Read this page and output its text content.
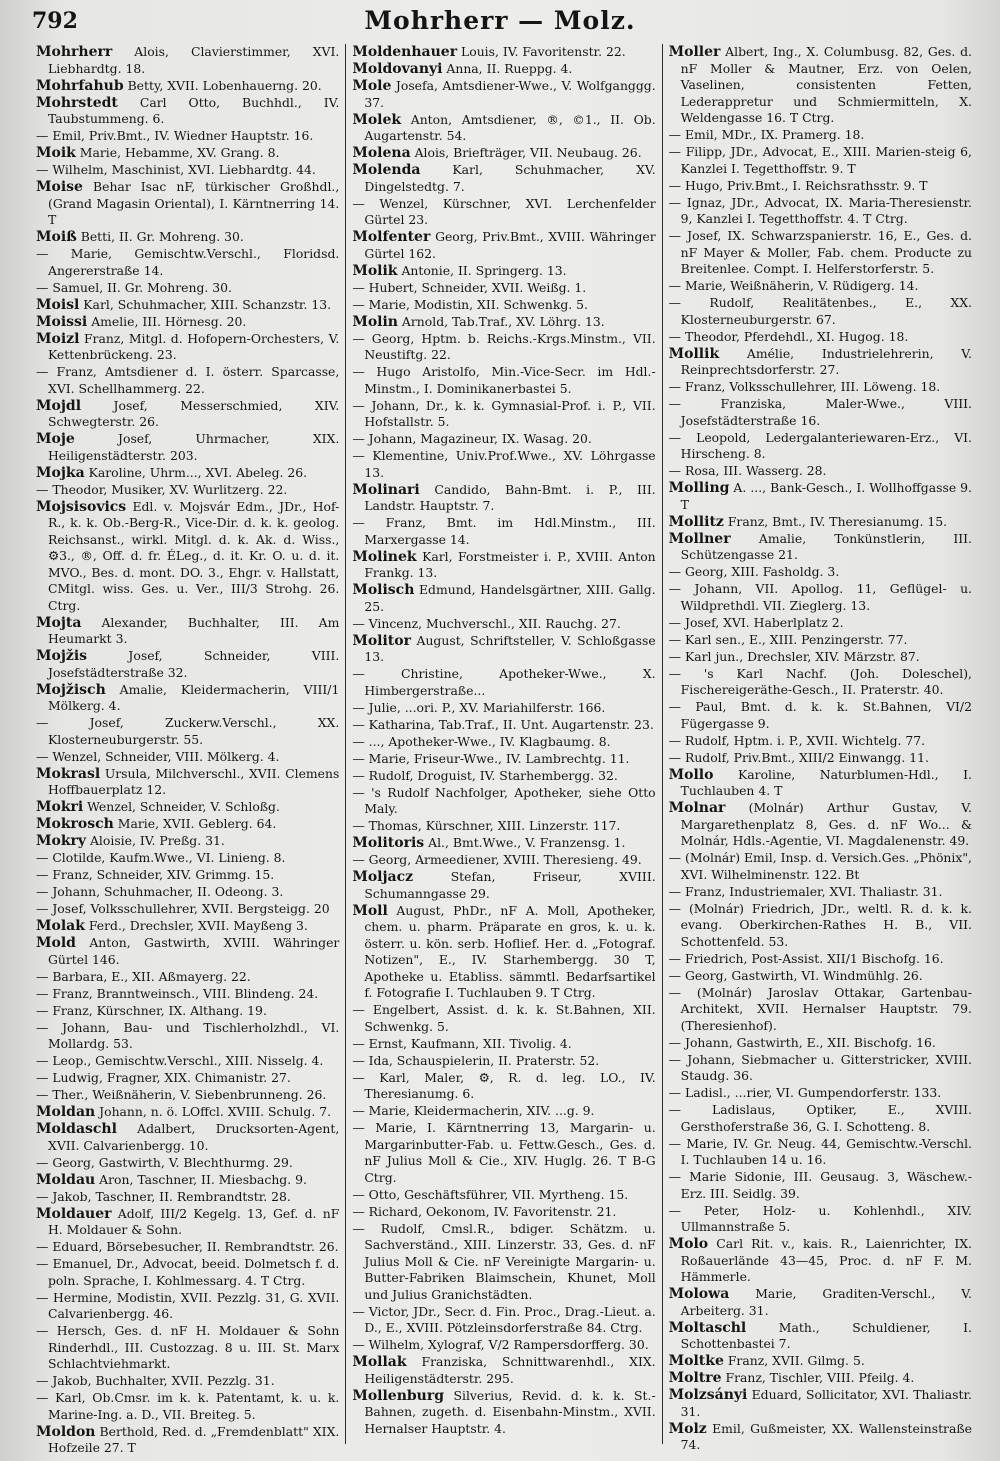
792	Mohrherr — Molz.
Mohrherr Alois, Clavierstimmer, XVI. Liebhardtg. 18.
Mohrfahub Betty, XVII. Lobenhauerng. 20.
Mohrstedt Carl Otto, Buchhdl., IV. Taubstummeng. 6.
— Emil, Priv.Bmt., IV. Wiedner Hauptstr. 16.
Moik Marie, Hebamme, XV. Grang. 8.
— Wilhelm, Maschinist, XVI. Liebhardtg. 44.
Moise Behar Isac nF, türkischer Großhdl., (Grand Magasin Oriental), I. Kärntnerring 14. T
Moiß Betti, II. Gr. Mohreng. 30.
— Marie, Gemischtw.Verschl., Floridsd. Angererstraße 14.
— Samuel, II. Gr. Mohreng. 30.
Moisl Karl, Schuhmacher, XIII. Schanzstr. 13.
Moissi Amelie, III. Hörnesg. 20.
Moizl Franz, Mitgl. d. Hofopern-Orchesters, V. Kettenbrückeng. 23.
— Franz, Amtsdiener d. I. österr. Sparcasse, XVI. Schellhammerg. 22.
Mojdl Josef, Messerschmied, XIV. Schwegterstr. 26.
Moje Josef, Uhrmacher, XIX. Heiligenstädterstr. 203.
Mojka Karoline, Uhrm..., XVI. Abeleg. 26.
— Theodor, Musiker, XV. Wurlitzerg. 22.
Mojsisovics Edl. v. Mojsvár Edm., JDr., Hof-R., k. k. Ob.-Berg-R., Vice-Dir. d. k. k. geolog. Reichsanst., wirkl. Mitgl. d. k. Ak. d. Wiss., ⚙3., ®, Off. d. fr. ÉLeg., d. it. Kr. O. u. d. it. MVO., Bes. d. mont. DO. 3., Ehgr. v. Hallstatt, CMitgl. wiss. Ges. u. Ver., III/3 Strohg. 26. Ctrg.
Mojta Alexander, Buchhalter, III. Am Heumarkt 3.
Mojžis Josef, Schneider, VIII. Josefstädterstraße 32.
Mojžisch Amalie, Kleidermacherin, VIII/1 Mölkerg. 4.
— Josef, Zuckerw.Verschl., XX. Klosterneuburgerstr. 55.
— Wenzel, Schneider, VIII. Mölkerg. 4.
Mokrasl Ursula, Milchverschl., XVII. Clemens Hoffbauerplatz 12.
Mokri Wenzel, Schneider, V. Schloßg.
Mokrosch Marie, XVII. Geblerg. 64.
Mokry Aloisie, IV. Preßg. 31.
— Clotilde, Kaufm.Wwe., VI. Linieng. 8.
— Franz, Schneider, XIV. Grimmg. 15.
— Johann, Schuhmacher, II. Odeong. 3.
— Josef, Volksschullehrer, XVII. Bergsteigg. 20
Molak Ferd., Drechsler, XVII. Mayßeng 3.
Mold Anton, Gastwirth, XVIII. Währinger Gürtel 146.
— Barbara, E., XII. Aßmayerg. 22.
— Franz, Branntweinsch., VIII. Blindeng. 24.
— Franz, Kürschner, IX. Althang. 19.
— Johann, Bau- und Tischlerholzhdl., VI. Mollardg. 53.
— Leop., Gemischtw.Verschl., XIII. Nisselg. 4.
— Ludwig, Fragner, XIX. Chimanistr. 27.
— Ther., Weißnäherin, V. Siebenbrunneng. 26.
Moldan Johann, n. ö. LOffcl. XVIII. Schulg. 7.
Moldaschl Adalbert, Drucksorten-Agent, XVII. Calvarienbergg. 10.
— Georg, Gastwirth, V. Blechthurmg. 29.
Moldau Aron, Taschner, II. Miesbachg. 9.
— Jakob, Taschner, II. Rembrandtstr. 28.
Moldauer Adolf, III/2 Kegelg. 13, Gef. d. nF H. Moldauer & Sohn.
— Eduard, Börsebesucher, II. Rembrandtstr. 26.
— Emanuel, Dr., Advocat, beeid. Dolmetsch f. d. poln. Sprache, I. Kohlmessarg. 4. T Ctrg.
— Hermine, Modistin, XVII. Pezzlg. 31, G. XVII. Calvarienbergg. 46.
— Hersch, Ges. d. nF H. Moldauer & Sohn Rinderhdl., III. Custozzag. 8 u. III. St. Marx Schlachtviehmarkt.
— Jakob, Buchhalter, XVII. Pezzlg. 31.
— Karl, Ob.Cmsr. im k. k. Patentamt, k. u. k. Marine-Ing. a. D., VII. Breiteg. 5.
Moldon Berthold, Red. d. „Fremdenblatt" XIX. Hofzeile 27. T
Moldenhauer Louis, IV. Favoritenstr. 22.
Moldovanyi Anna, II. Rueppg. 4.
Mole Josefa, Amtsdiener-Wwe., V. Wolfganggg. 37.
Molek Anton, Amtsdiener, ®, ©1., II. Ob. Augartenstr. 54.
Molena Alois, Briefträger, VII. Neubaug. 26.
Molenda Karl, Schuhmacher, XV. Dingelstedtg. 7.
— Wenzel, Kürschner, XVI. Lerchenfelder Gürtel 23.
Molfenter Georg, Priv.Bmt., XVIII. Währinger Gürtel 162.
Molik Antonie, II. Springerg. 13.
— Hubert, Schneider, XVII. Weißg. 1.
— Marie, Modistin, XII. Schwenkg. 5.
Molin Arnold, Tab.Traf., XV. Löhrg. 13.
— Georg, Hptm. b. Reichs.-Krgs.Minstm., VII. Neustiftg. 22.
— Hugo Aristolfo, Min.-Vice-Secr. im Hdl.-Minstm., I. Dominikanerbastei 5.
— Johann, Dr., k. k. Gymnasial-Prof. i. P., VII. Hofstallstr. 5.
— Johann, Magazineur, IX. Wasag. 20.
— Klementine, Univ.Prof.Wwe., XV. Löhrgasse 13.
Molinari Candido, Bahn-Bmt. i. P., III. Landstr. Hauptstr. 7.
— Franz, Bmt. im Hdl.Minstm., III. Marxergasse 14.
Molinek Karl, Forstmeister i. P., XVIII. Anton Frankg. 13.
Molisch Edmund, Handelsgärtner, XIII. Gallg. 25.
— Vincenz, Muchverschl., XII. Rauchg. 27.
Molitor August, Schriftsteller, V. Schloßgasse 13.
— Christine, Apotheker-Wwe., X. Himbergerstraße...
— Julie, ...ori. P., XV. Mariahilferstr. 166.
— Katharina, Tab.Traf., II. Unt. Augartenstr. 23.
— ..., Apotheker-Wwe., IV. Klagbaumg. 8.
— Marie, Friseur-Wwe., IV. Lambrechtg. 11.
— Rudolf, Droguist, IV. Starhembergg. 32.
— 's Rudolf Nachfolger, Apotheker, siehe Otto Maly.
— Thomas, Kürschner, XIII. Linzerstr. 117.
Molitoris Al., Bmt.Wwe., V. Franzensg. 1.
— Georg, Armeediener, XVIII. Theresieng. 49.
Moljacz Stefan, Friseur, XVIII. Schumanngasse 29.
Moll August, PhDr., nF A. Moll, Apotheker, chem. u. pharm. Präparate en gros, k. u. k. österr. u. kön. serb. Hoflief. Her. d. „Fotograf. Notizen", E., IV. Starhembergg. 30 T, Apotheke u. Etabliss. sämmtl. Bedarfsartikel f. Fotografie I. Tuchlauben 9. T Ctrg.
— Engelbert, Assist. d. k. k. St.Bahnen, XII. Schwenkg. 5.
— Ernst, Kaufmann, XII. Tivolig. 4.
— Ida, Schauspielerin, II. Praterstr. 52.
— Karl, Maler, ⚙, R. d. leg. LO., IV. Theresianumg. 6.
— Marie, Kleidermacherin, XIV. ...g. 9.
— Marie, I. Kärntnerring 13, Margarin- u. Margarinbutter-Fab. u. Fettw.Gesch., Ges. d. nF Julius Moll & Cie., XIV. Huglg. 26. T B-G Ctrg.
— Otto, Geschäftsführer, VII. Myrtheng. 15.
— Richard, Oekonom, IV. Favoritenstr. 21.
— Rudolf, Cmsl.R., bdiger. Schätzm. u. Sachverständ., XIII. Linzerstr. 33, Ges. d. nF Julius Moll & Cie. nF Vereinigte Margarin- u. Butter-Fabriken Blaimschein, Khunet, Moll und Julius Granichstädten.
— Victor, JDr., Secr. d. Fin. Proc., Drag.-Lieut. a. D., E., XVIII. Pötzleinsdorferstraße 84. Ctrg.
— Wilhelm, Xylograf, V/2 Rampersdorfferg. 30.
Mollak Franziska, Schnittwarenhdl., XIX. Heiligenstädterstr. 295.
Mollenburg Silverius, Revid. d. k. k. St.-Bahnen, zugeth. d. Eisenbahn-Minstm., XVII. Hernalser Hauptstr. 4.
Moller Albert, Ing., X. Columbusg. 82, Ges. d. nF Moller & Mautner, Erz. von Oelen, Vaselinen, consistenten Fetten, Lederappretur und Schmiermitteln, X. Weldengasse 16. T Ctrg.
— Emil, MDr., IX. Pramerg. 18.
— Filipp, JDr., Advocat, E., XIII. Marien-steig 6, Kanzlei I. Tegetthoffstr. 9. T
— Hugo, Priv.Bmt., I. Reichsrathsstr. 9. T
— Ignaz, JDr., Advocat, IX. Maria-Theresienstr. 9, Kanzlei I. Tegetthoffstr. 4. T Ctrg.
— Josef, IX. Schwarzspanierstr. 16, E., Ges. d. nF Mayer & Moller, Fab. chem. Producte zu Breitenlee. Compt. I. Helferstorferstr. 5.
— Marie, Weißnäherin, V. Rüdigerg. 14.
— Rudolf, Realitätenbes., E., XX. Klosterneuburgerstr. 67.
— Theodor, Pferdehdl., XI. Hugog. 18.
Mollik Amélie, Industrielehrerin, V. Reinprechtsdorferstr. 27.
— Franz, Volksschullehrer, III. Löweng. 18.
— Franziska, Maler-Wwe., VIII. Josefstädterstraße 16.
— Leopold, Ledergalanteriewaren-Erz., VI. Hirscheng. 8.
— Rosa, III. Wasserg. 28.
Molling A. ..., Bank-Gesch., I. Wollhoffgasse 9. T
Mollitz Franz, Bmt., IV. Theresianumg. 15.
Mollner Amalie, Tonkünstlerin, III. Schützengasse 21.
— Georg, XIII. Fasholdg. 3.
— Johann, VII. Apollog. 11, Geflügel- u. Wildprethdl. VII. Zieglerg. 13.
— Josef, XVI. Haberlplatz 2.
— Karl sen., E., XIII. Penzingerstr. 77.
— Karl jun., Drechsler, XIV. Märzstr. 87.
— 's Karl Nachf. (Joh. Doleschel), Fischereigeräthe-Gesch., II. Praterstr. 40.
— Paul, Bmt. d. k. k. St.Bahnen, VI/2 Fügergasse 9.
— Rudolf, Hptm. i. P., XVII. Wichtelg. 77.
— Rudolf, Priv.Bmt., XIII/2 Einwangg. 11.
Mollo Karoline, Naturblumen-Hdl., I. Tuchlauben 4. T
Molnar (Molnár) Arthur Gustav, V. Margarethenplatz 8, Ges. d. nF Wo... & Molnár, Hdls.-Agentie, VI. Magdalenenstr. 49.
— (Molnár) Emil, Insp. d. Versich.Ges. „Phönix", XVI. Wilhelminenstr. 122. Bt
— Franz, Industriemaler, XVI. Thaliastr. 31.
— (Molnár) Friedrich, JDr., weltl. R. d. k. k. evang. Oberkirchen-Rathes H. B., VII. Schottenfeld. 53.
— Friedrich, Post-Assist. XII/1 Bischofg. 16.
— Georg, Gastwirth, VI. Windmühlg. 26.
— (Molnár) Jaroslav Ottakar, Gartenbau-Architekt, XVII. Hernalser Hauptstr. 79. (Theresienhof).
— Johann, Gastwirth, E., XII. Bischofg. 16.
— Johann, Siebmacher u. Gitterstricker, XVIII. Staudg. 36.
— Ladisl., ...rier, VI. Gumpendorferstr. 133.
— Ladislaus, Optiker, E., XVIII. Gersthoferstraße 36, G. I. Schotteng. 8.
— Marie, IV. Gr. Neug. 44, Gemischtw.-Verschl. I. Tuchlauben 14 u. 16.
— Marie Sidonie, III. Geusaug. 3, Wäschew.-Erz. III. Seidlg. 39.
— Peter, Holz- u. Kohlenhdl., XIV. Ullmannstraße 5.
Molo Carl Rit. v., kais. R., Laienrichter, IX. Roßauerlände 43—45, Proc. d. nF F. M. Hämmerle.
Molowa Marie, Graditen-Verschl., V. Arbeiterg. 31.
Moltaschl Math., Schuldiener, I. Schottenbastei 7.
Moltke Franz, XVII. Gilmg. 5.
Moltre Franz, Tischler, VIII. Pfeilg. 4.
Molzsányi Eduard, Sollicitator, XVI. Thaliastr. 31.
Molz Emil, Gußmeister, XX. Wallensteinstraße 74.
